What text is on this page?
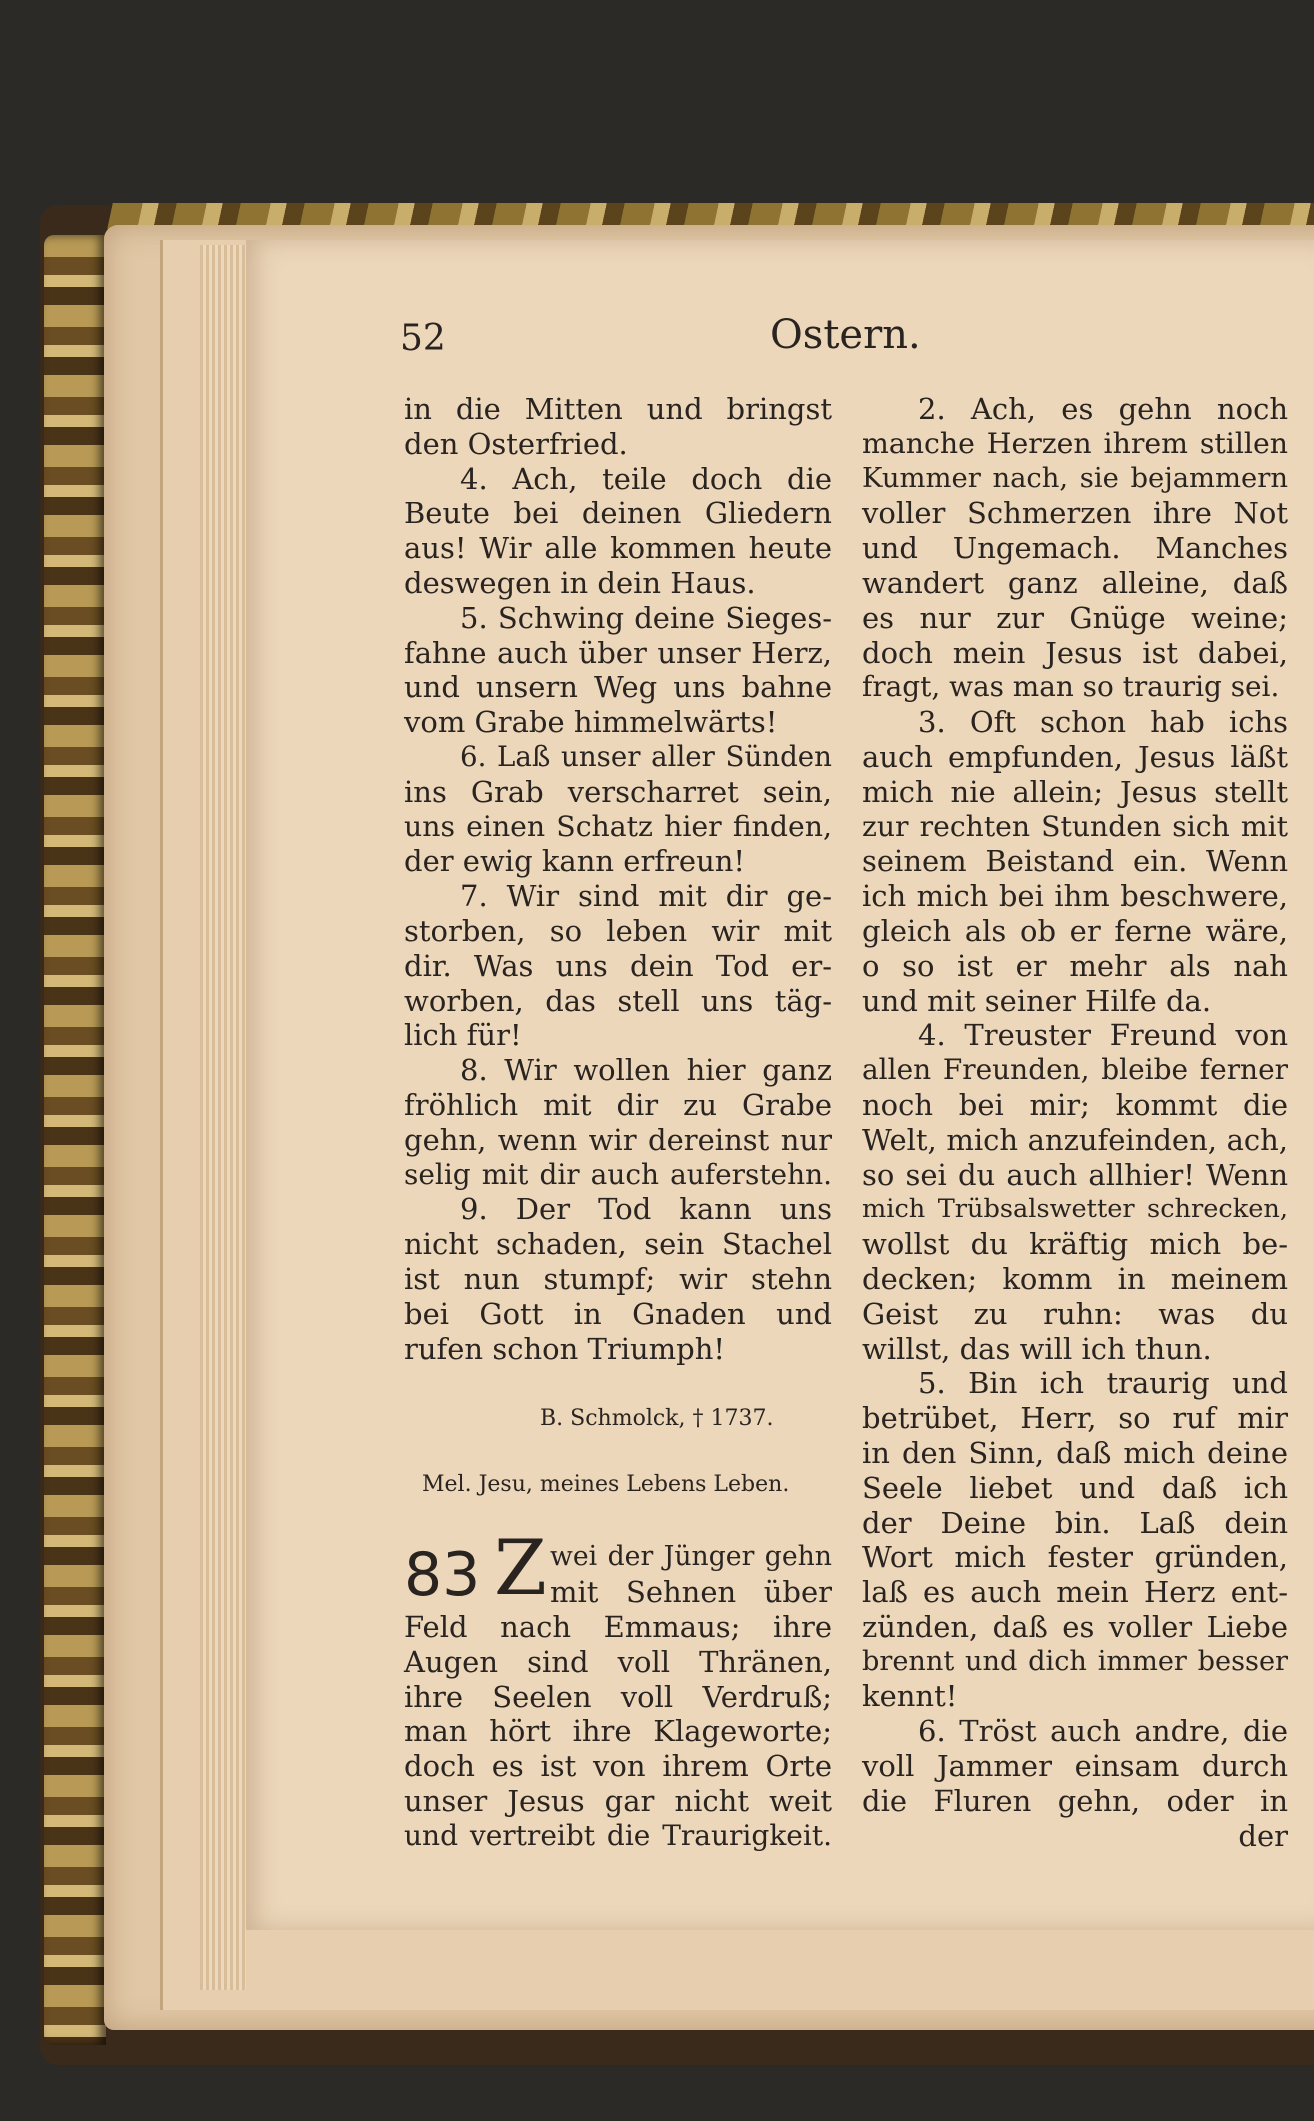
52	Ostern.
in die Mitten und bringst
den Osterfried.
4. Ach, teile doch die
Beute bei deinen Gliedern
aus! Wir alle kommen heute
deswegen in dein Haus.
5. Schwing deine Sieges-
fahne auch über unser Herz,
und unsern Weg uns bahne
vom Grabe himmelwärts!
6. Laß unser aller Sünden
ins Grab verscharret sein,
uns einen Schatz hier finden,
der ewig kann erfreun!
7. Wir sind mit dir ge-
storben, so leben wir mit
dir. Was uns dein Tod er-
worben, das stell uns täg-
lich für!
8. Wir wollen hier ganz
fröhlich mit dir zu Grabe
gehn, wenn wir dereinst nur
selig mit dir auch auferstehn.
9. Der Tod kann uns
nicht schaden, sein Stachel
ist nun stumpf; wir stehn
bei Gott in Gnaden und
rufen schon Triumph!
B. Schmolck, † 1737.
Mel. Jesu, meines Lebens Leben.
83 Z wei der Jünger gehn
mit Sehnen über
Feld nach Emmaus; ihre
Augen sind voll Thränen,
ihre Seelen voll Verdruß;
man hört ihre Klageworte;
doch es ist von ihrem Orte
unser Jesus gar nicht weit
und vertreibt die Traurigkeit.
2. Ach, es gehn noch
manche Herzen ihrem stillen
Kummer nach, sie bejammern
voller Schmerzen ihre Not
und Ungemach. Manches
wandert ganz alleine, daß
es nur zur Gnüge weine;
doch mein Jesus ist dabei,
fragt, was man so traurig sei.
3. Oft schon hab ichs
auch empfunden, Jesus läßt
mich nie allein; Jesus stellt
zur rechten Stunden sich mit
seinem Beistand ein. Wenn
ich mich bei ihm beschwere,
gleich als ob er ferne wäre,
o so ist er mehr als nah
und mit seiner Hilfe da.
4. Treuster Freund von
allen Freunden, bleibe ferner
noch bei mir; kommt die
Welt, mich anzufeinden, ach,
so sei du auch allhier! Wenn
mich Trübsalswetter schrecken,
wollst du kräftig mich be-
decken; komm in meinem
Geist zu ruhn: was du
willst, das will ich thun.
5. Bin ich traurig und
betrübet, Herr, so ruf mir
in den Sinn, daß mich deine
Seele liebet und daß ich
der Deine bin. Laß dein
Wort mich fester gründen,
laß es auch mein Herz ent-
zünden, daß es voller Liebe
brennt und dich immer besser
kennt!
6. Tröst auch andre, die
voll Jammer einsam durch
die Fluren gehn, oder in
der
